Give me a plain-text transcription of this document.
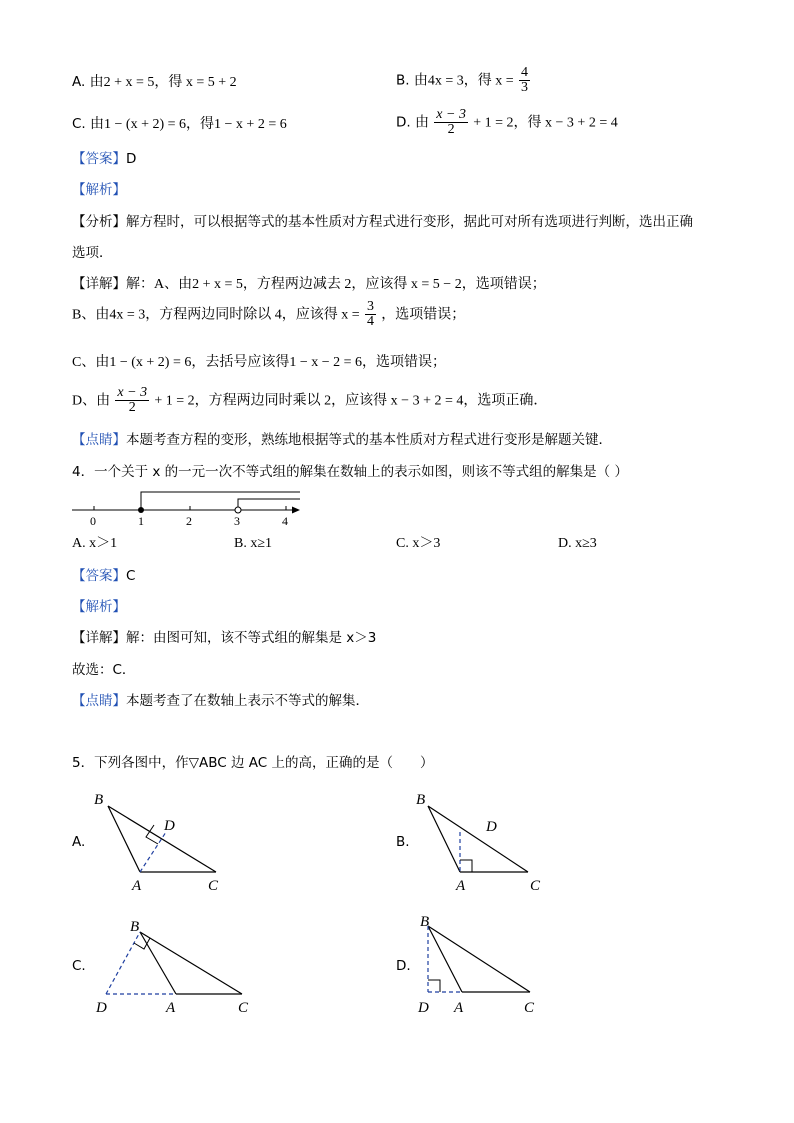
A. 由2 + x = 5，得 x = 5 + 2	B. 由4x = 3，得 $x = \frac{4}{3}$
C. 由1 − (x + 2) = 6，得1 − x + 2 = 6	D. 由 $\frac{x - 3}{2} + 1 = 2$，得 x − 3 + 2 = 4
【答案】D
【解析】
【分析】解方程时，可以根据等式的基本性质对方程式进行变形，据此可对所有选项进行判断，选出正确
选项．
【详解】解：A、由2 + x = 5，方程两边减去 2，应该得 x = 5 − 2，选项错误；
B、由4x = 3，方程两边同时除以 4，应该得 $x = \frac{3}{4}$ ，选项错误；
C、由1 − (x + 2) = 6，去括号应该得1 − x − 2 = 6，选项错误；
D、由 $\frac{x - 3}{2} + 1 = 2$，方程两边同时乘以 2，应该得 x − 3 + 2 = 4，选项正确．
【点睛】本题考查方程的变形，熟练地根据等式的基本性质对方程式进行变形是解题关键．
4．一个关于 x 的一元一次不等式组的解集在数轴上的表示如图，则该不等式组的解集是（ ）
0	1	2	3	4
A. x＞1	B. x≥1	C. x＞3	D. x≥3
【答案】C
【解析】
【详解】解：由图可知，该不等式组的解集是 x＞3
故选：C．
【点睛】本题考查了在数轴上表示不等式的解集．
5．下列各图中，作▽ABC 边 AC 上的高，正确的是（　　）
A.
B
D
A	C
B.
B
D
A	C
C.
B
D	A	C
D.
B
D A	C
